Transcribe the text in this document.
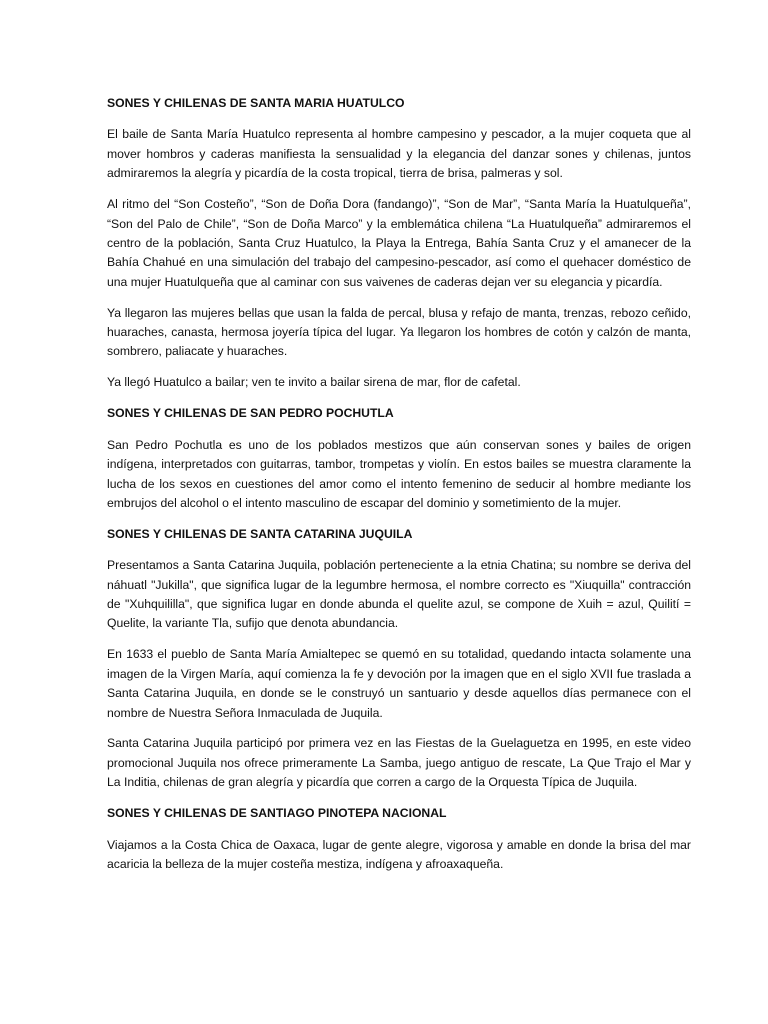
SONES Y CHILENAS DE SANTA MARIA HUATULCO

El baile de Santa María Huatulco representa al hombre campesino y pescador, a la mujer coqueta que al mover hombros y caderas manifiesta la sensualidad y la elegancia del danzar sones y chilenas, juntos admiraremos la alegría y picardía de la costa tropical, tierra de brisa, palmeras y sol.

Al ritmo del “Son Costeño”, “Son de Doña Dora (fandango)”, “Son de Mar”, “Santa María la Huatulqueña”, “Son del Palo de Chile”, “Son de Doña Marco” y la emblemática chilena “La Huatulqueña” admiraremos el centro de la población, Santa Cruz Huatulco, la Playa la Entrega, Bahía Santa Cruz y el amanecer de la Bahía Chahué en una simulación del trabajo del campesino-pescador, así como el quehacer doméstico de una mujer Huatulqueña que al caminar con sus vaivenes de caderas dejan ver su elegancia y picardía.

Ya llegaron las mujeres bellas que usan la falda de percal, blusa y refajo de manta, trenzas, rebozo ceñido, huaraches, canasta, hermosa joyería típica del lugar. Ya llegaron los hombres de cotón y calzón de manta, sombrero, paliacate y huaraches.

Ya llegó Huatulco a bailar; ven te invito a bailar sirena de mar, flor de cafetal.

SONES Y CHILENAS DE SAN PEDRO POCHUTLA

San Pedro Pochutla es uno de los poblados mestizos que aún conservan sones y bailes de origen indígena, interpretados con guitarras, tambor, trompetas y violín. En estos bailes se muestra claramente la lucha de los sexos en cuestiones del amor como el intento femenino de seducir al hombre mediante los embrujos del alcohol o el intento masculino de escapar del dominio y sometimiento de la mujer.

SONES Y CHILENAS DE SANTA CATARINA JUQUILA

Presentamos a Santa Catarina Juquila, población perteneciente a la etnia Chatina; su nombre se deriva del náhuatl "Jukilla", que significa lugar de la legumbre hermosa, el nombre correcto es "Xiuquilla" contracción de "Xuhquililla", que significa lugar en donde abunda el quelite azul, se compone de Xuih = azul, Quilití = Quelite, la variante Tla, sufijo que denota abundancia.

En 1633 el pueblo de Santa María Amialtepec se quemó en su totalidad, quedando intacta solamente una imagen de la Virgen María, aquí comienza la fe y devoción por la imagen que en el siglo XVII fue traslada a Santa Catarina Juquila, en donde se le construyó un santuario y desde aquellos días permanece con el nombre de Nuestra Señora Inmaculada de Juquila.

Santa Catarina Juquila participó por primera vez en las Fiestas de la Guelaguetza en 1995, en este video promocional Juquila nos ofrece primeramente La Samba, juego antiguo de rescate, La Que Trajo el Mar y La Inditia, chilenas de gran alegría y picardía que corren a cargo de la Orquesta Típica de Juquila.

SONES Y CHILENAS DE SANTIAGO PINOTEPA NACIONAL

Viajamos a la Costa Chica de Oaxaca, lugar de gente alegre, vigorosa y amable en donde la brisa del mar acaricia la belleza de la mujer costeña mestiza, indígena y afroaxaqueña.
